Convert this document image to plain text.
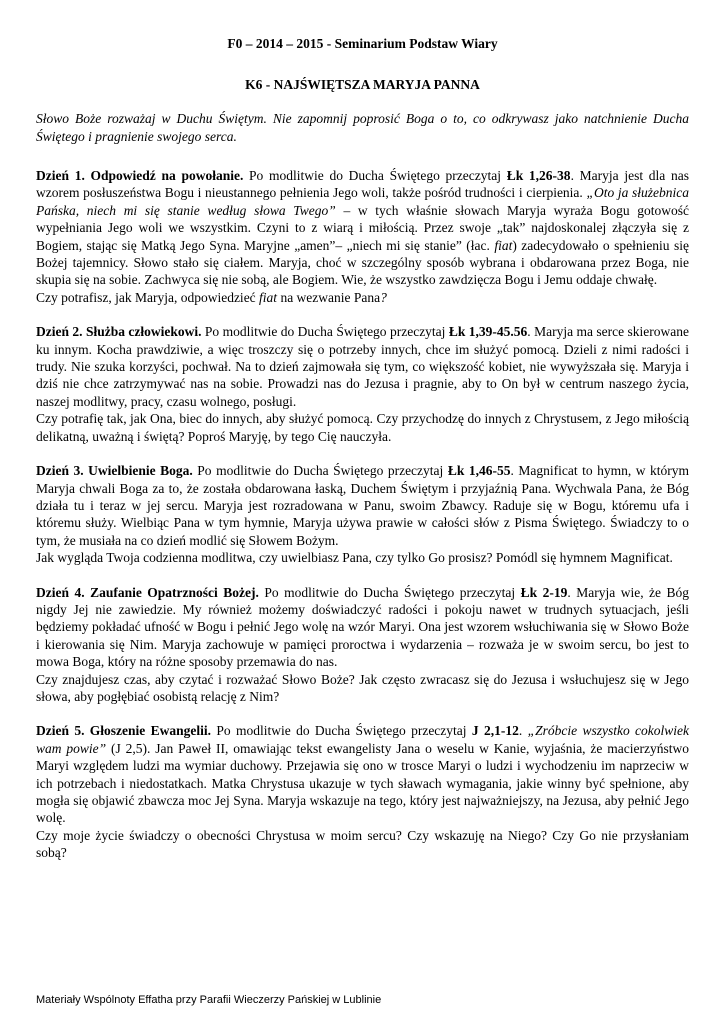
F0 – 2014 – 2015 - Seminarium Podstaw Wiary
K6 - NAJŚWIĘTSZA MARYJA PANNA
Słowo Boże rozważaj w Duchu Świętym. Nie zapomnij poprosić Boga o to, co odkrywasz jako natchnienie Ducha Świętego i pragnienie swojego serca.

Dzień 1. Odpowiedź na powołanie. Po modlitwie do Ducha Świętego przeczytaj Łk 1,26-38. Maryja jest dla nas wzorem posłuszeństwa Bogu i nieustannego pełnienia Jego woli, także pośród trudności i cierpienia. „Oto ja służebnica Pańska, niech mi się stanie według słowa Twego” – w tych właśnie słowach Maryja wyraża Bogu gotowość wypełniania Jego woli we wszystkim. Czyni to z wiarą i miłością. Przez swoje „tak” najdoskonalej złączyła się z Bogiem, stając się Matką Jego Syna. Maryjne „amen”– „niech mi się stanie” (łac. fiat) zadecydowało o spełnieniu się Bożej tajemnicy. Słowo stało się ciałem. Maryja, choć w szczególny sposób wybrana i obdarowana przez Boga, nie skupia się na sobie. Zachwyca się nie sobą, ale Bogiem. Wie, że wszystko zawdzięcza Bogu i Jemu oddaje chwałę.

Czy potrafisz, jak Maryja, odpowiedzieć fiat na wezwanie Pana?

Dzień 2. Służba człowiekowi. Po modlitwie do Ducha Świętego przeczytaj Łk 1,39-45.56. Maryja ma serce skierowane ku innym. Kocha prawdziwie, a więc troszczy się o potrzeby innych, chce im służyć pomocą. Dzieli z nimi radości i trudy. Nie szuka korzyści, pochwał. Na to dzień zajmowała się tym, co większość kobiet, nie wywyższała się. Maryja i dziś nie chce zatrzymywać nas na sobie. Prowadzi nas do Jezusa i pragnie, aby to On był w centrum naszego życia, naszej modlitwy, pracy, czasu wolnego, posługi.

Czy potrafię tak, jak Ona, biec do innych, aby służyć pomocą. Czy przychodzę do innych z Chrystusem, z Jego miłością delikatną, uważną i świętą? Poproś Maryję, by tego Cię nauczyła.

Dzień 3. Uwielbienie Boga. Po modlitwie do Ducha Świętego przeczytaj Łk 1,46-55. Magnificat to hymn, w którym Maryja chwali Boga za to, że została obdarowana łaską, Duchem Świętym i przyjaźnią Pana. Wychwala Pana, że Bóg działa tu i teraz w jej sercu. Maryja jest rozradowana w Panu, swoim Zbawcy. Raduje się w Bogu, któremu ufa i któremu służy. Wielbiąc Pana w tym hymnie, Maryja używa prawie w całości słów z Pisma Świętego. Świadczy to o tym, że musiała na co dzień modlić się Słowem Bożym.

Jak wygląda Twoja codzienna modlitwa, czy uwielbiasz Pana, czy tylko Go prosisz? Pomódl się hymnem Magnificat.

Dzień 4. Zaufanie Opatrzności Bożej. Po modlitwie do Ducha Świętego przeczytaj Łk 2-19. Maryja wie, że Bóg nigdy Jej nie zawiedzie. My również możemy doświadczyć radości i pokoju nawet w trudnych sytuacjach, jeśli będziemy pokładać ufność w Bogu i pełnić Jego wolę na wzór Maryi. Ona jest wzorem wsłuchiwania się w Słowo Boże i kierowania się Nim. Maryja zachowuje w pamięci proroctwa i wydarzenia – rozważa je w swoim sercu, bo jest to mowa Boga, który na różne sposoby przemawia do nas.

Czy znajdujesz czas, aby czytać i rozważać Słowo Boże? Jak często zwracasz się do Jezusa i wsłuchujesz się w Jego słowa, aby pogłębiać osobistą relację z Nim?

Dzień 5. Głoszenie Ewangelii. Po modlitwie do Ducha Świętego przeczytaj J 2,1-12. „Zróbcie wszystko cokolwiek wam powie” (J 2,5). Jan Paweł II, omawiając tekst ewangelisty Jana o weselu w Kanie, wyjaśnia, że macierzyństwo Maryi względem ludzi ma wymiar duchowy. Przejawia się ono w trosce Maryi o ludzi i wychodzeniu im naprzeciw w ich potrzebach i niedostatkach. Matka Chrystusa ukazuje w tych sławach wymagania, jakie winny być spełnione, aby mogła się objawić zbawcza moc Jej Syna. Maryja wskazuje na tego, który jest najważniejszy, na Jezusa, aby pełnić Jego wolę.

Czy moje życie świadczy o obecności Chrystusa w moim sercu? Czy wskazuję na Niego? Czy Go nie przysłaniam sobą?

Materiały Wspólnoty Effatha przy Parafii Wieczerzy Pańskiej w Lublinie
